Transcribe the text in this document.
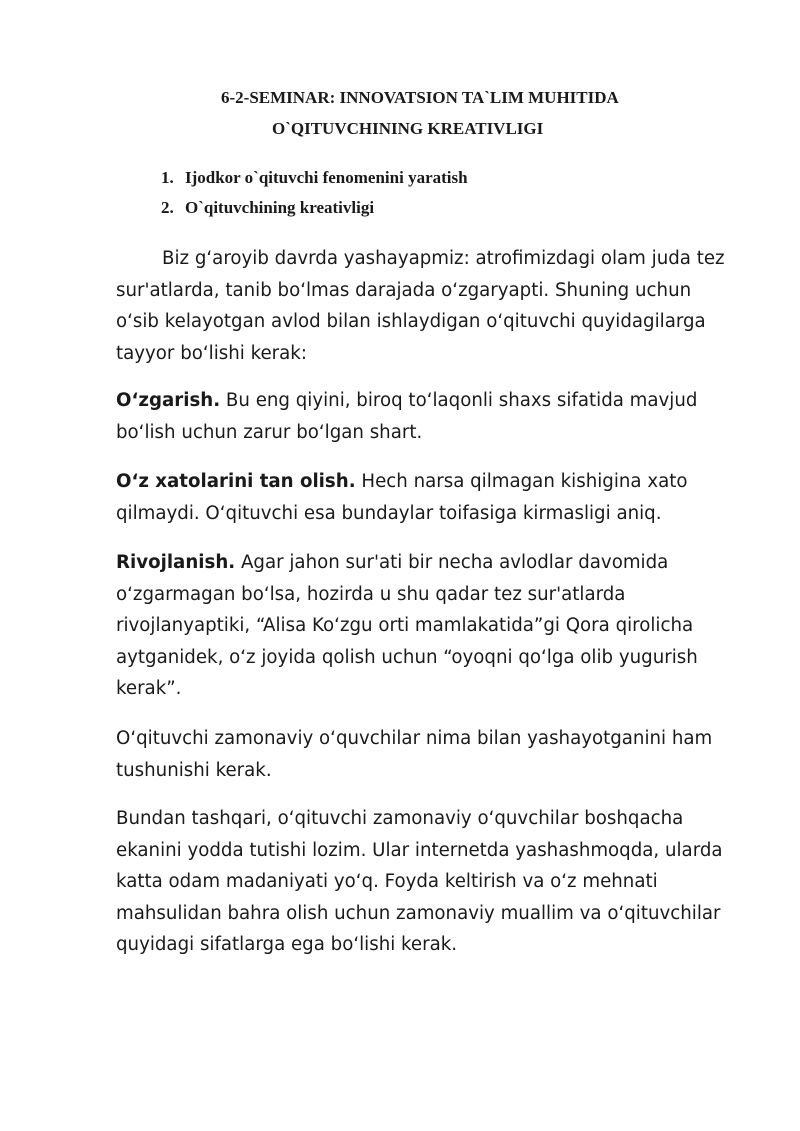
6-2-SEMINAR: INNOVATSION TA`LIM MUHITIDA
O`QITUVCHINING KREATIVLIGI
1. Ijodkor o`qituvchi fenomenini yaratish
2. O`qituvchining kreativligi

Biz g‘aroyib davrda yashayapmiz: atrofimizdagi olam juda tez sur'atlarda, tanib bo‘lmas darajada o‘zgaryapti. Shuning uchun o‘sib kelayotgan avlod bilan ishlaydigan o‘qituvchi quyidagilarga tayyor bo‘lishi kerak:

O‘zgarish. Bu eng qiyini, biroq to‘laqonli shaxs sifatida mavjud bo‘lish uchun zarur bo‘lgan shart.

O‘z xatolarini tan olish. Hech narsa qilmagan kishigina xato qilmaydi. O‘qituvchi esa bundaylar toifasiga kirmasligi aniq.

Rivojlanish. Agar jahon sur'ati bir necha avlodlar davomida o‘zgarmagan bo‘lsa, hozirda u shu qadar tez sur'atlarda rivojlanyaptiki, “Alisa Ko‘zgu orti mamlakatida”gi Qora qirolicha aytganidek, o‘z joyida qolish uchun “oyoqni qo‘lga olib yugurish kerak”.

O‘qituvchi zamonaviy o‘quvchilar nima bilan yashayotganini ham tushunishi kerak.

Bundan tashqari, o‘qituvchi zamonaviy o‘quvchilar boshqacha ekanini yodda tutishi lozim. Ular internetda yashashmoqda, ularda katta odam madaniyati yo‘q. Foyda keltirish va o‘z mehnati mahsulidan bahra olish uchun zamonaviy muallim va o‘qituvchilar quyidagi sifatlarga ega bo‘lishi kerak.
